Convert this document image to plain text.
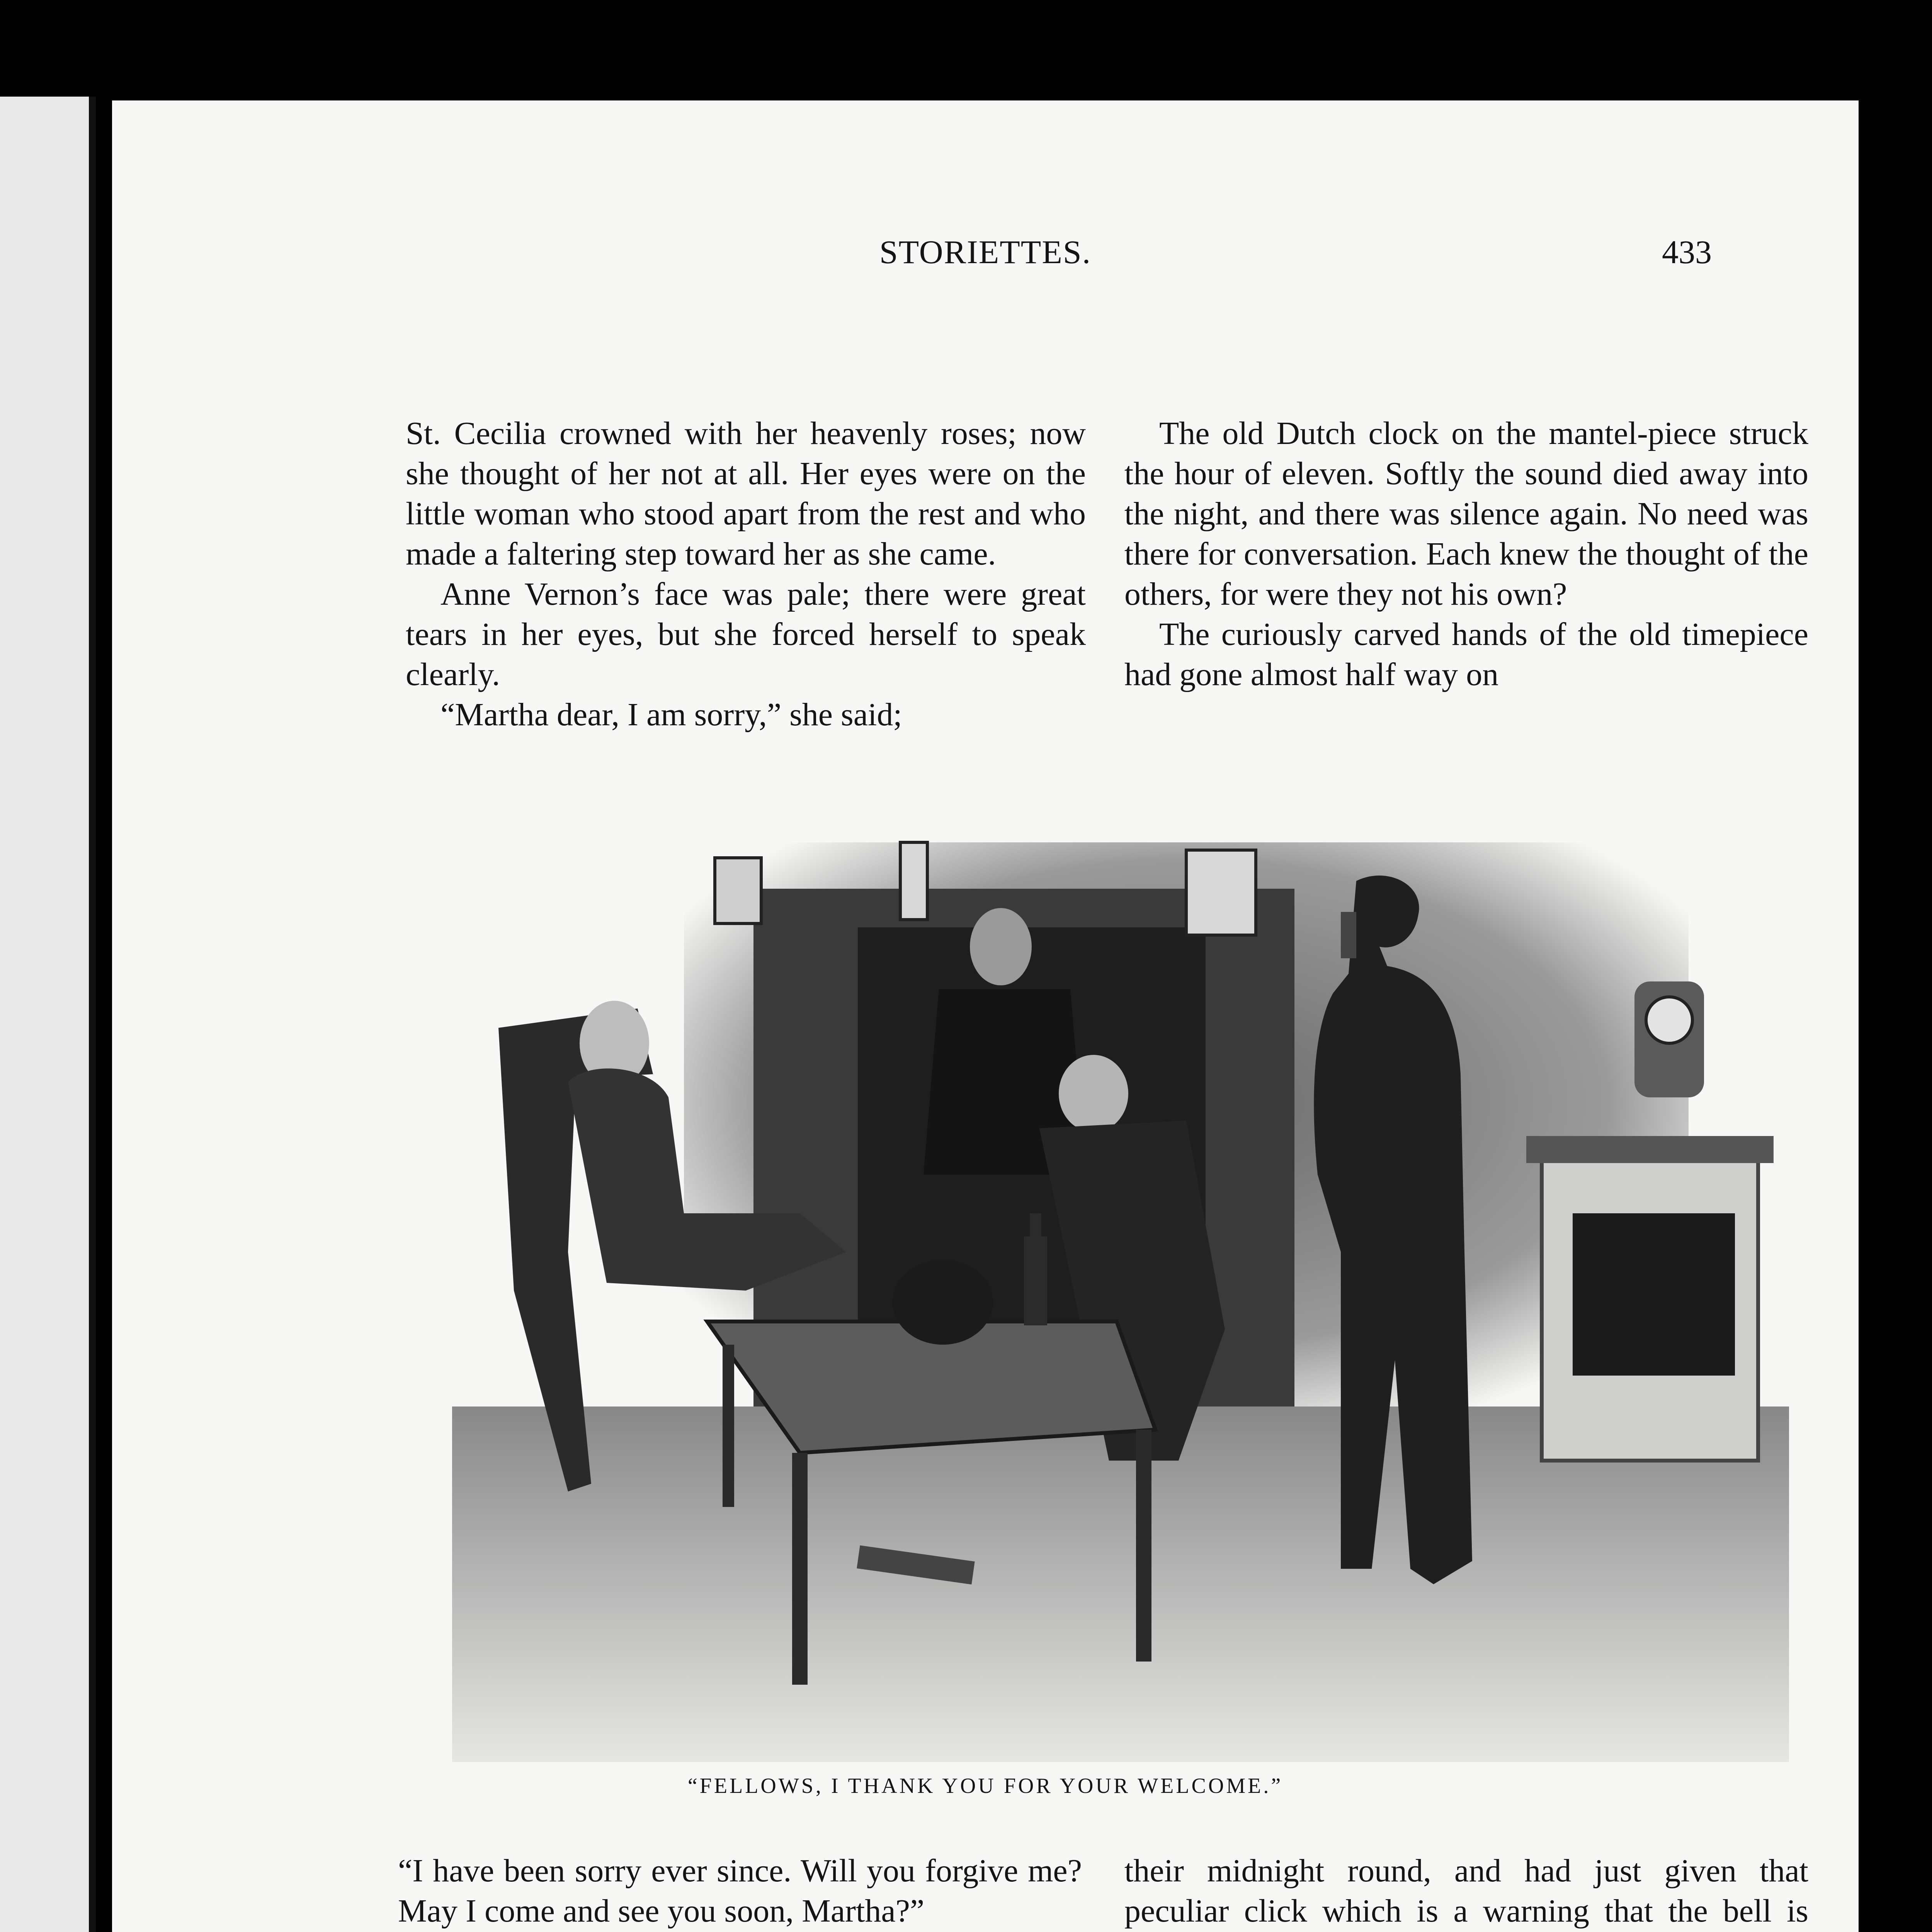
STORIETTES.	433

St. Cecilia crowned with her heavenly roses; now she thought of her not at all. Her eyes were on the little woman who stood apart from the rest and who made a faltering step toward her as she came.

Anne Vernon’s face was pale; there were great tears in her eyes, but she forced herself to speak clearly.

“Martha dear, I am sorry,” she said;

The old Dutch clock on the mantel-piece struck the hour of eleven. Softly the sound died away into the night, and there was silence again. No need was there for conversation. Each knew the thought of the others, for were they not his own?

The curiously carved hands of the old timepiece had gone almost half way on

“FELLOWS, I THANK YOU FOR YOUR WELCOME.”

“I have been sorry ever since. Will you forgive me? May I come and see you soon, Martha?”

their midnight round, and had just given that peculiar click which is a warning that the bell is
